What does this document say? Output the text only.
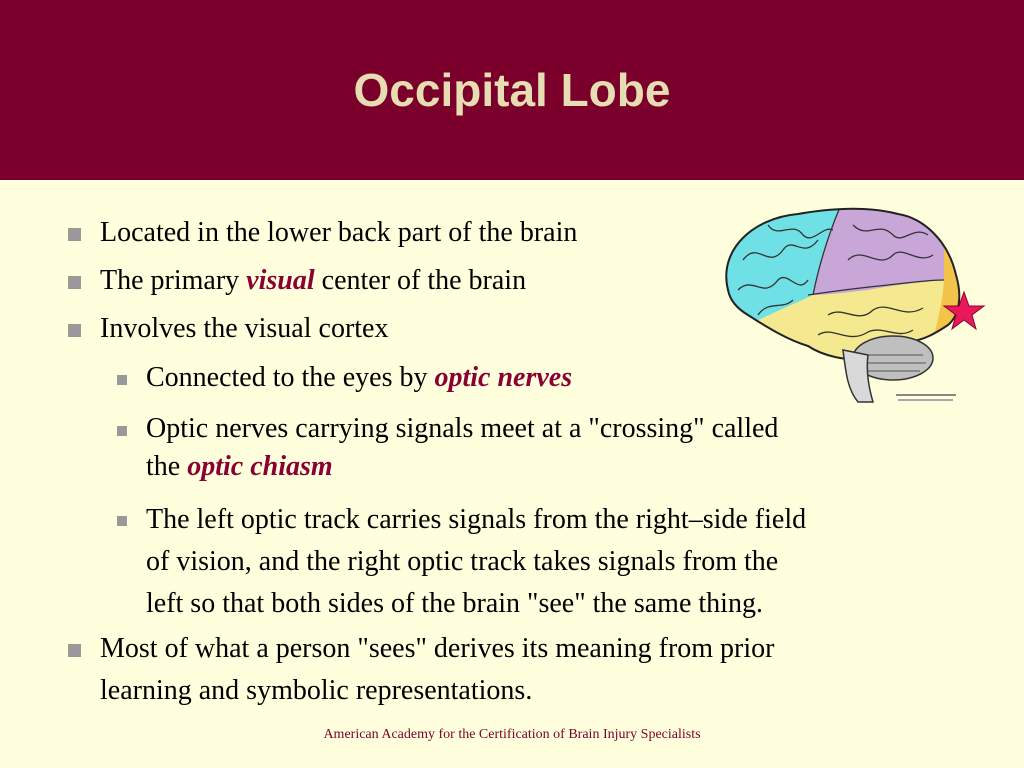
Occipital Lobe
Located in the lower back part of the brain
The primary visual center of the brain
Involves the visual cortex
Connected to the eyes by optic nerves
Optic nerves carrying signals meet at a "crossing" called
the optic chiasm
The left optic track carries signals from the right–side field
of vision, and the right optic track takes signals from the
left so that both sides of the brain "see" the same thing.
Most of what a person "sees" derives its meaning from prior
learning and symbolic representations.
American Academy for the Certification of Brain Injury Specialists
